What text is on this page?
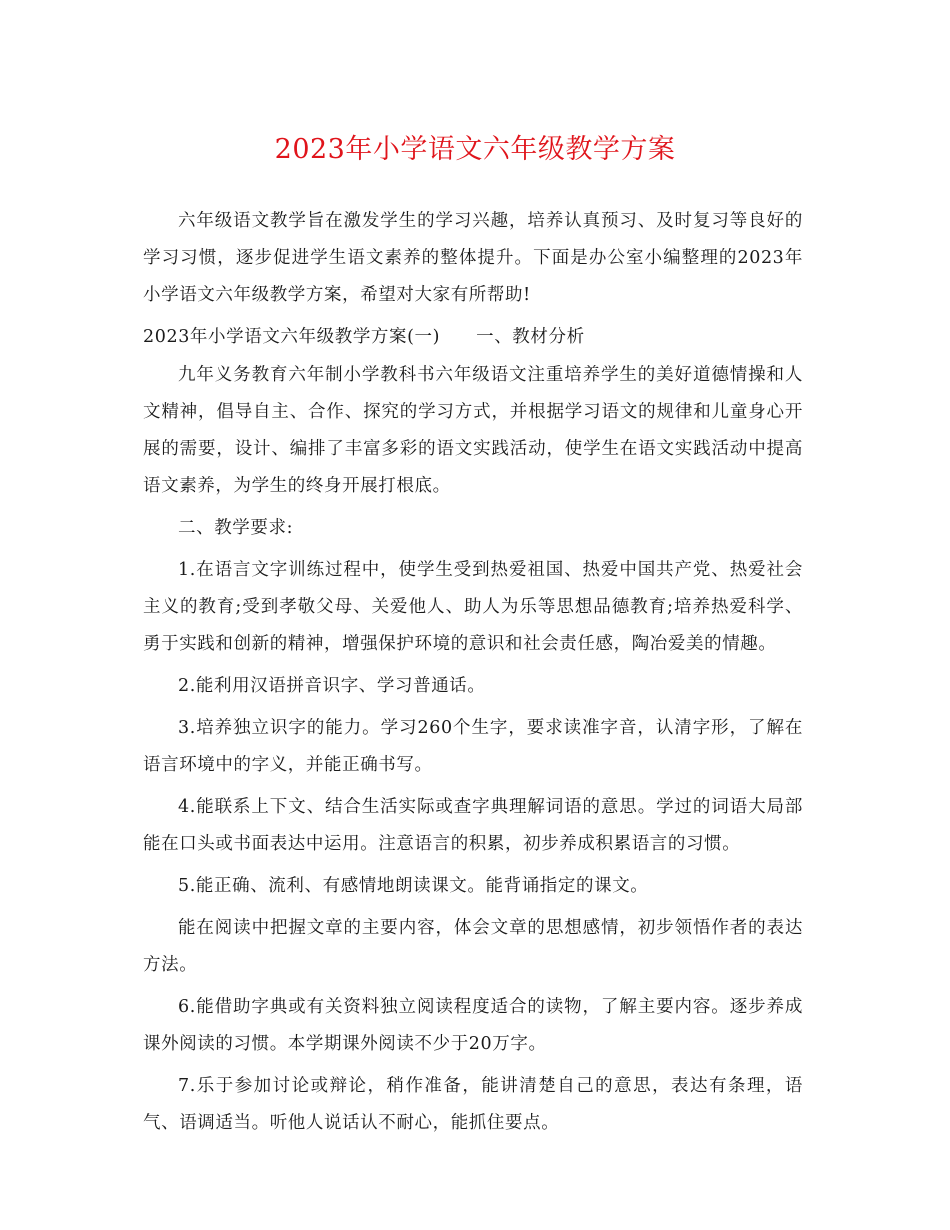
2023年小学语文六年级教学方案

六年级语文教学旨在激发学生的学习兴趣，培养认真预习、及时复习等良好的学习习惯，逐步促进学生语文素养的整体提升。下面是办公室小编整理的2023年小学语文六年级教学方案，希望对大家有所帮助!

2023年小学语文六年级教学方案(一) 一、教材分析

九年义务教育六年制小学教科书六年级语文注重培养学生的美好道德情操和人文精神，倡导自主、合作、探究的学习方式，并根据学习语文的规律和儿童身心开展的需要，设计、编排了丰富多彩的语文实践活动，使学生在语文实践活动中提高语文素养，为学生的终身开展打根底。

二、教学要求:

1.在语言文字训练过程中，使学生受到热爱祖国、热爱中国共产党、热爱社会主义的教育;受到孝敬父母、关爱他人、助人为乐等思想品德教育;培养热爱科学、勇于实践和创新的精神，增强保护环境的意识和社会责任感，陶冶爱美的情趣。

2.能利用汉语拼音识字、学习普通话。

3.培养独立识字的能力。学习260个生字，要求读准字音，认清字形，了解在语言环境中的字义，并能正确书写。

4.能联系上下文、结合生活实际或查字典理解词语的意思。学过的词语大局部能在口头或书面表达中运用。注意语言的积累，初步养成积累语言的习惯。

5.能正确、流利、有感情地朗读课文。能背诵指定的课文。

能在阅读中把握文章的主要内容，体会文章的思想感情，初步领悟作者的表达方法。

6.能借助字典或有关资料独立阅读程度适合的读物，了解主要内容。逐步养成课外阅读的习惯。本学期课外阅读不少于20万字。

7.乐于参加讨论或辩论，稍作准备，能讲清楚自己的意思，表达有条理，语气、语调适当。听他人说话认不耐心，能抓住要点。
